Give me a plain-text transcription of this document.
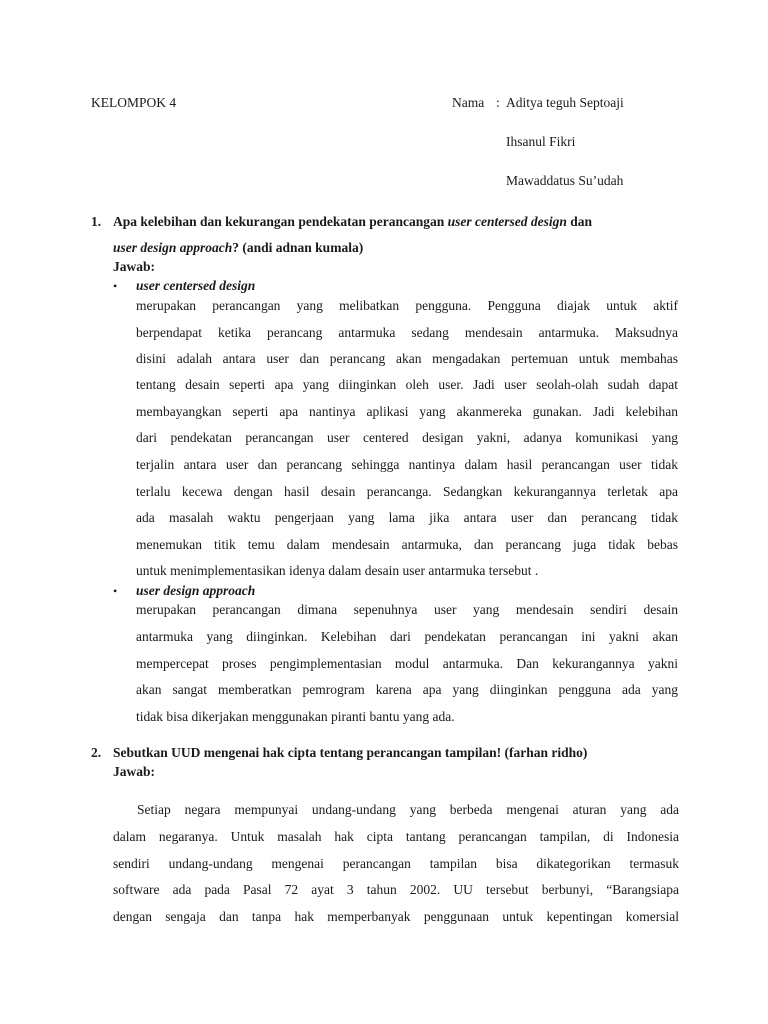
KELOMPOK 4	Nama : Aditya teguh Septoaji
Ihsanul Fikri
Mawaddatus Su’udah
1. Apa kelebihan dan kekurangan pendekatan perancangan user centersed design dan
user design approach? (andi adnan kumala)
Jawab:
• user centersed design
merupakan perancangan yang melibatkan pengguna. Pengguna diajak untuk aktif
berpendapat ketika perancang antarmuka sedang mendesain antarmuka. Maksudnya
disini adalah antara user dan perancang akan mengadakan pertemuan untuk membahas
tentang desain seperti apa yang diinginkan oleh user. Jadi user seolah-olah sudah dapat
membayangkan seperti apa nantinya aplikasi yang akanmereka gunakan. Jadi kelebihan
dari pendekatan perancangan user centered desigan yakni, adanya komunikasi yang
terjalin antara user dan perancang sehingga nantinya dalam hasil perancangan user tidak
terlalu kecewa dengan hasil desain perancanga. Sedangkan kekurangannya terletak apa
ada masalah waktu pengerjaan yang lama jika antara user dan perancang tidak
menemukan titik temu dalam mendesain antarmuka, dan perancang juga tidak bebas
untuk menimplementasikan idenya dalam desain user antarmuka tersebut .
• user design approach
merupakan perancangan dimana sepenuhnya user yang mendesain sendiri desain
antarmuka yang diinginkan. Kelebihan dari pendekatan perancangan ini yakni akan
mempercepat proses pengimplementasian modul antarmuka. Dan kekurangannya yakni
akan sangat memberatkan pemrogram karena apa yang diinginkan pengguna ada yang
tidak bisa dikerjakan menggunakan piranti bantu yang ada.
2. Sebutkan UUD mengenai hak cipta tentang perancangan tampilan! (farhan ridho)
Jawab:
Setiap negara mempunyai undang-undang yang berbeda mengenai aturan yang ada
dalam negaranya. Untuk masalah hak cipta tantang perancangan tampilan, di Indonesia
sendiri undang-undang mengenai perancangan tampilan bisa dikategorikan termasuk
software ada pada Pasal 72 ayat 3 tahun 2002. UU tersebut berbunyi, “Barangsiapa
dengan sengaja dan tanpa hak memperbanyak penggunaan untuk kepentingan komersial
